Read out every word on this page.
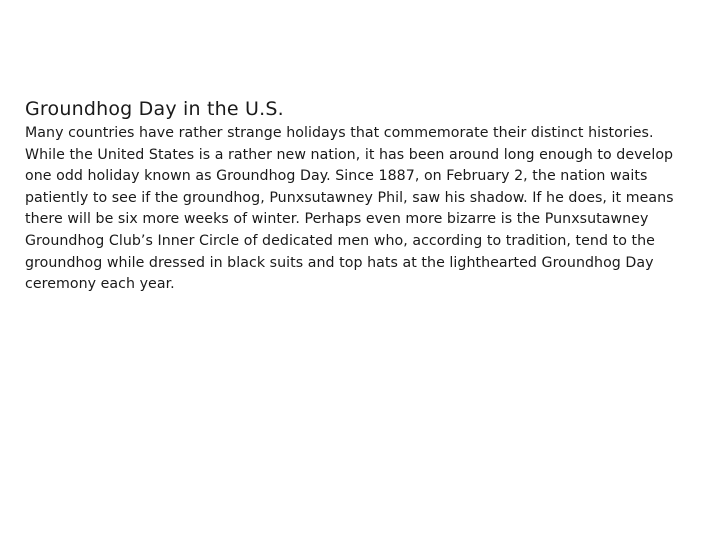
Groundhog Day in the U.S.

Many countries have rather strange holidays that commemorate their distinct histories. While the United States is a rather new nation, it has been around long enough to develop one odd holiday known as Groundhog Day. Since 1887, on February 2, the nation waits patiently to see if the groundhog, Punxsutawney Phil, saw his shadow. If he does, it means there will be six more weeks of winter. Perhaps even more bizarre is the Punxsutawney Groundhog Club’s Inner Circle of dedicated men who, according to tradition, tend to the groundhog while dressed in black suits and top hats at the lighthearted Groundhog Day ceremony each year.
